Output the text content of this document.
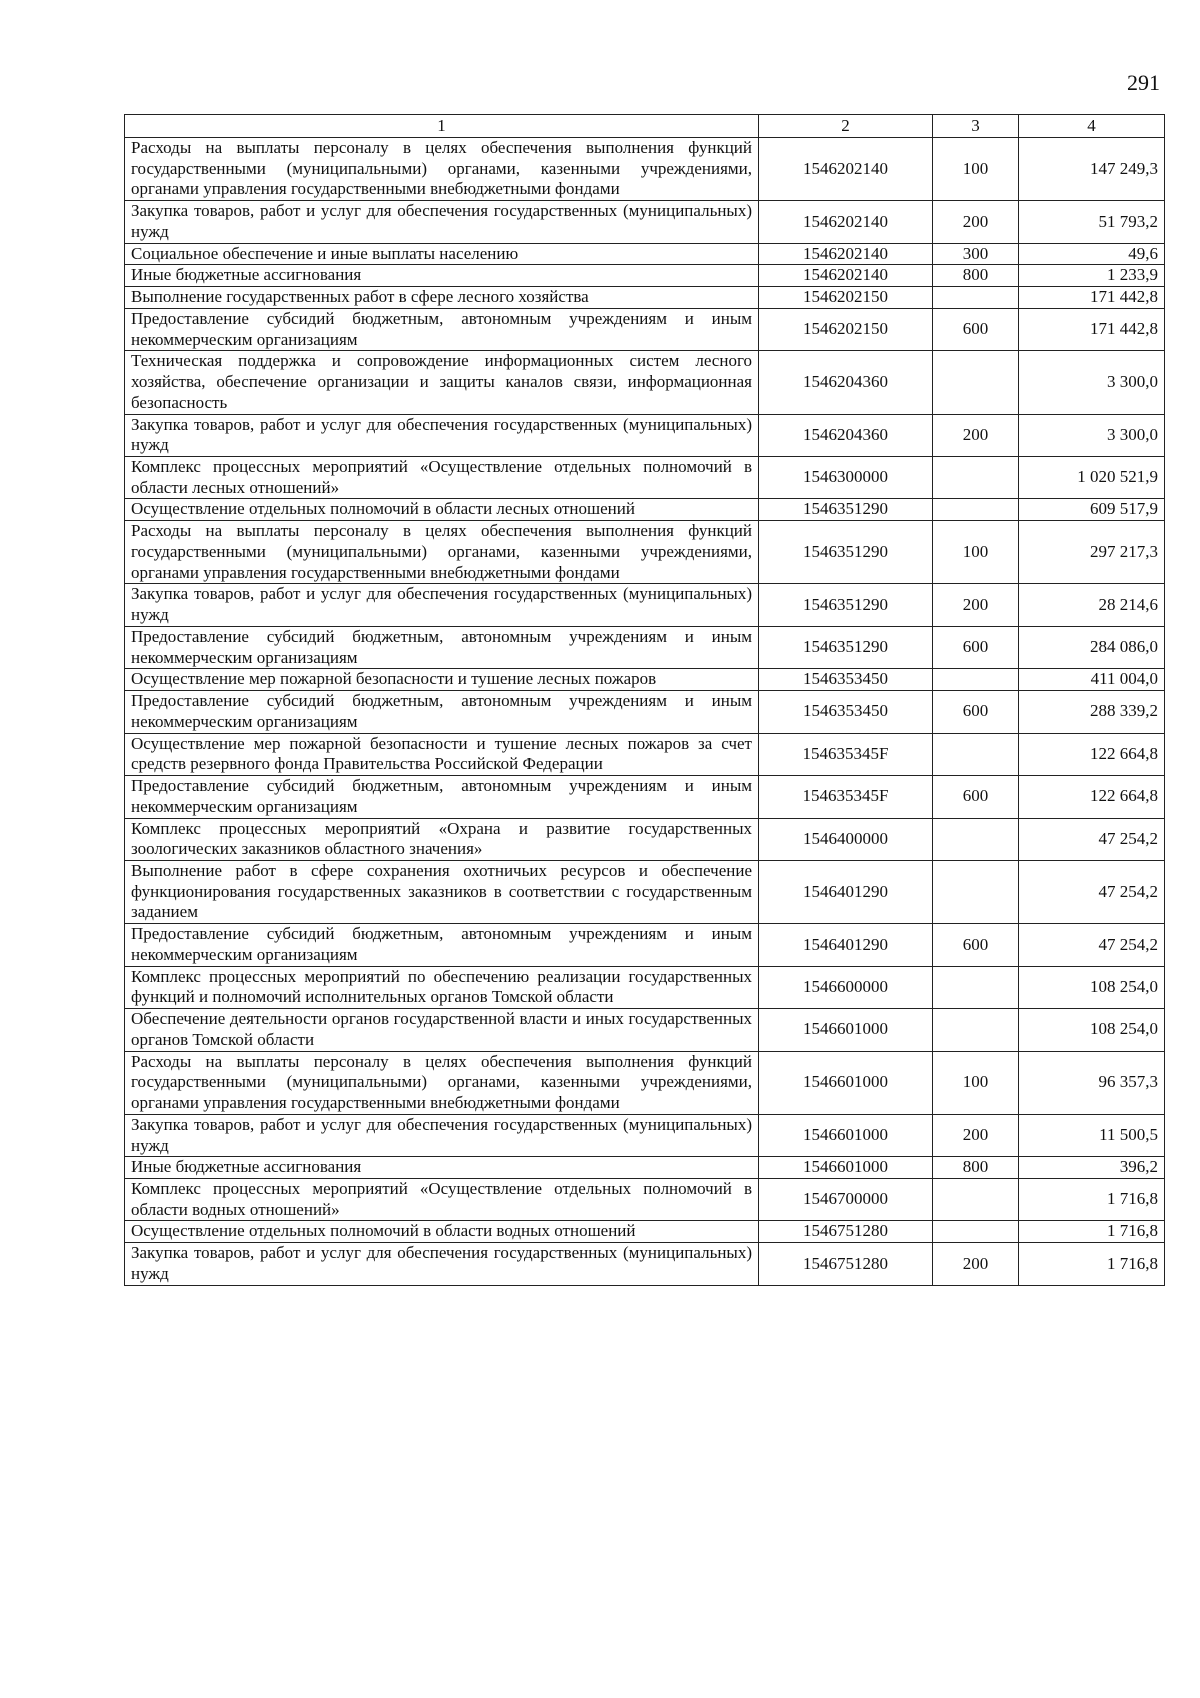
291
1	2	3	4
Расходы на выплаты персоналу в целях обеспечения выполнения функций государственными (муниципальными) органами, казенными учреждениями, органами управления государственными внебюджетными фондами	1546202140	100	147 249,3
Закупка товаров, работ и услуг для обеспечения государственных (муниципальных) нужд	1546202140	200	51 793,2
Социальное обеспечение и иные выплаты населению	1546202140	300	49,6
Иные бюджетные ассигнования	1546202140	800	1 233,9
Выполнение государственных работ в сфере лесного хозяйства	1546202150		171 442,8
Предоставление субсидий бюджетным, автономным учреждениям и иным некоммерческим организациям	1546202150	600	171 442,8
Техническая поддержка и сопровождение информационных систем лесного хозяйства, обеспечение организации и защиты каналов связи, информационная безопасность	1546204360		3 300,0
Закупка товаров, работ и услуг для обеспечения государственных (муниципальных) нужд	1546204360	200	3 300,0
Комплекс процессных мероприятий «Осуществление отдельных полномочий в области лесных отношений»	1546300000		1 020 521,9
Осуществление отдельных полномочий в области лесных отношений	1546351290		609 517,9
Расходы на выплаты персоналу в целях обеспечения выполнения функций государственными (муниципальными) органами, казенными учреждениями, органами управления государственными внебюджетными фондами	1546351290	100	297 217,3
Закупка товаров, работ и услуг для обеспечения государственных (муниципальных) нужд	1546351290	200	28 214,6
Предоставление субсидий бюджетным, автономным учреждениям и иным некоммерческим организациям	1546351290	600	284 086,0
Осуществление мер пожарной безопасности и тушение лесных пожаров	1546353450		411 004,0
Предоставление субсидий бюджетным, автономным учреждениям и иным некоммерческим организациям	1546353450	600	288 339,2
Осуществление мер пожарной безопасности и тушение лесных пожаров за счет средств резервного фонда Правительства Российской Федерации	154635345F		122 664,8
Предоставление субсидий бюджетным, автономным учреждениям и иным некоммерческим организациям	154635345F	600	122 664,8
Комплекс процессных мероприятий «Охрана и развитие государственных зоологических заказников областного значения»	1546400000		47 254,2
Выполнение работ в сфере сохранения охотничьих ресурсов и обеспечение функционирования государственных заказников в соответствии с государственным заданием	1546401290		47 254,2
Предоставление субсидий бюджетным, автономным учреждениям и иным некоммерческим организациям	1546401290	600	47 254,2
Комплекс процессных мероприятий по обеспечению реализации государственных функций и полномочий исполнительных органов Томской области	1546600000		108 254,0
Обеспечение деятельности органов государственной власти и иных государственных органов Томской области	1546601000		108 254,0
Расходы на выплаты персоналу в целях обеспечения выполнения функций государственными (муниципальными) органами, казенными учреждениями, органами управления государственными внебюджетными фондами	1546601000	100	96 357,3
Закупка товаров, работ и услуг для обеспечения государственных (муниципальных) нужд	1546601000	200	11 500,5
Иные бюджетные ассигнования	1546601000	800	396,2
Комплекс процессных мероприятий «Осуществление отдельных полномочий в области водных отношений»	1546700000		1 716,8
Осуществление отдельных полномочий в области водных отношений	1546751280		1 716,8
Закупка товаров, работ и услуг для обеспечения государственных (муниципальных) нужд	1546751280	200	1 716,8
